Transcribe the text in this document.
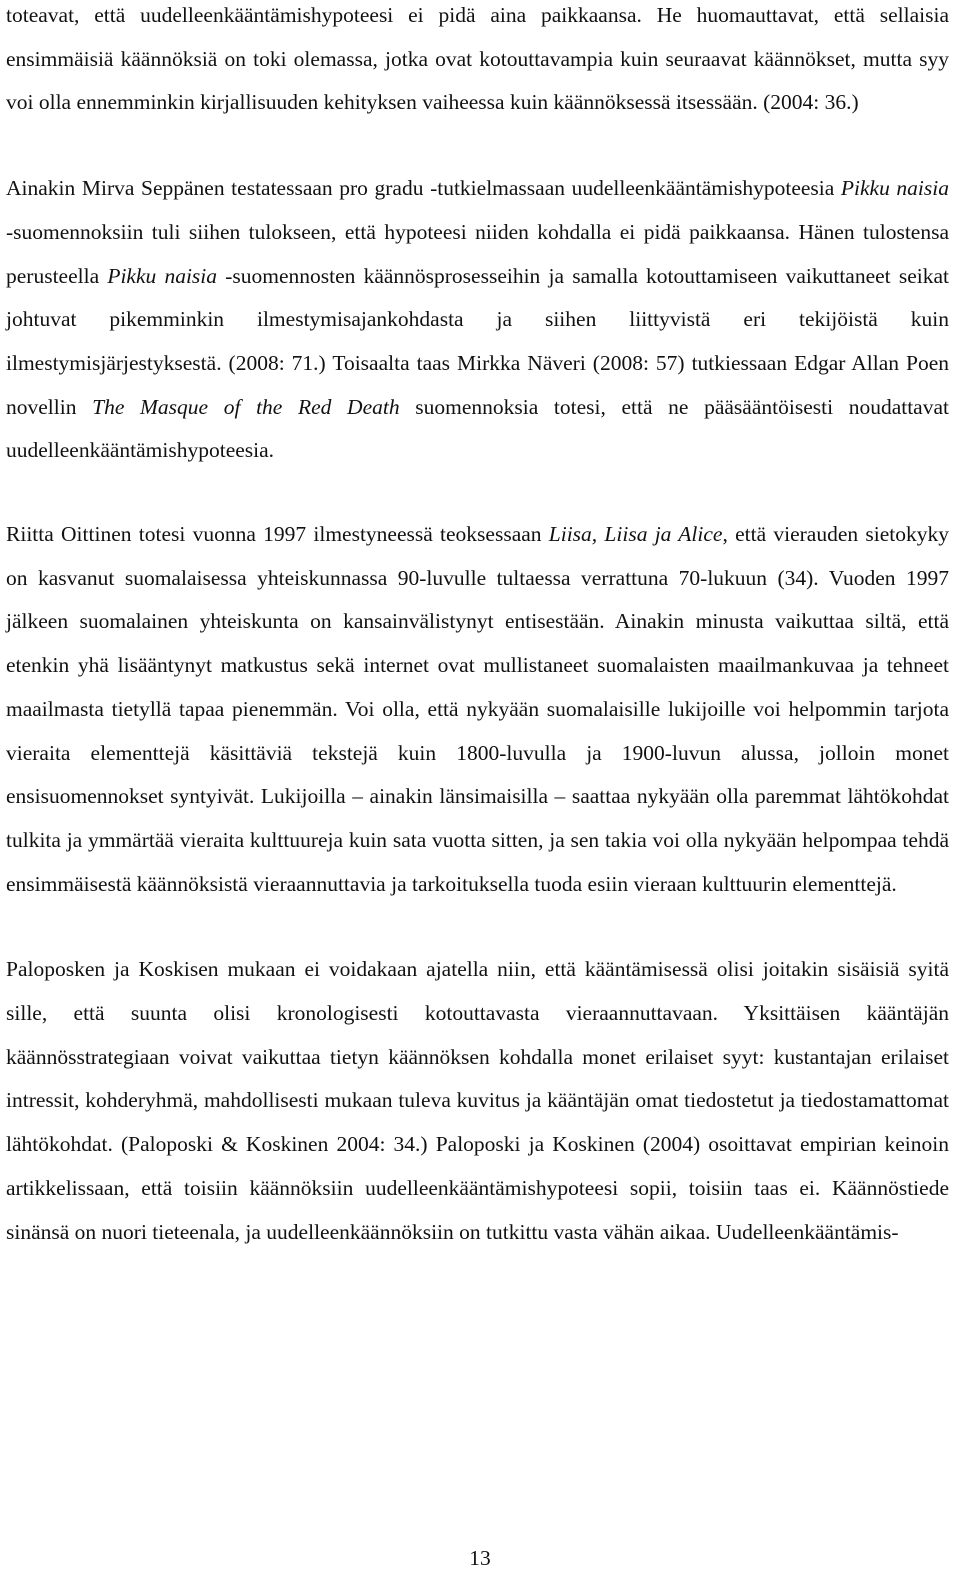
toteavat, että uudelleenkääntämishypoteesi ei pidä aina paikkaansa. He huomauttavat, että sellaisia ensimmäisiä käännöksiä on toki olemassa, jotka ovat kotouttavampia kuin seuraavat käännökset, mutta syy voi olla ennemminkin kirjallisuuden kehityksen vaiheessa kuin käännöksessä itsessään. (2004: 36.)

Ainakin Mirva Seppänen testatessaan pro gradu -tutkielmassaan uudelleenkääntämishypoteesia Pikku naisia -suomennoksiin tuli siihen tulokseen, että hypoteesi niiden kohdalla ei pidä paikkaansa. Hänen tulostensa perusteella Pikku naisia -suomennosten käännösprosesseihin ja samalla kotouttamiseen vaikuttaneet seikat johtuvat pikemminkin ilmestymisajankohdasta ja siihen liittyvistä eri tekijöistä kuin ilmestymisjärjestyksestä. (2008: 71.) Toisaalta taas Mirkka Näveri (2008: 57) tutkiessaan Edgar Allan Poen novellin The Masque of the Red Death suomennoksia totesi, että ne pääsääntöisesti noudattavat uudelleenkääntämishypoteesia.

Riitta Oittinen totesi vuonna 1997 ilmestyneessä teoksessaan Liisa, Liisa ja Alice, että vierauden sietokyky on kasvanut suomalaisessa yhteiskunnassa 90-luvulle tultaessa verrattuna 70-lukuun (34). Vuoden 1997 jälkeen suomalainen yhteiskunta on kansainvälistynyt entisestään. Ainakin minusta vaikuttaa siltä, että etenkin yhä lisääntynyt matkustus sekä internet ovat mullistaneet suomalaisten maailmankuvaa ja tehneet maailmasta tietyllä tapaa pienemmän. Voi olla, että nykyään suomalaisille lukijoille voi helpommin tarjota vieraita elementtejä käsittäviä tekstejä kuin 1800-luvulla ja 1900-luvun alussa, jolloin monet ensisuomennokset syntyivät. Lukijoilla – ainakin länsimaisilla – saattaa nykyään olla paremmat lähtökohdat tulkita ja ymmärtää vieraita kulttuureja kuin sata vuotta sitten, ja sen takia voi olla nykyään helpompaa tehdä ensimmäisestä käännöksistä vieraannuttavia ja tarkoituksella tuoda esiin vieraan kulttuurin elementtejä.

Paloposken ja Koskisen mukaan ei voidakaan ajatella niin, että kääntämisessä olisi joitakin sisäisiä syitä sille, että suunta olisi kronologisesti kotouttavasta vieraannuttavaan. Yksittäisen kääntäjän käännösstrategiaan voivat vaikuttaa tietyn käännöksen kohdalla monet erilaiset syyt: kustantajan erilaiset intressit, kohderyhmä, mahdollisesti mukaan tuleva kuvitus ja kääntäjän omat tiedostetut ja tiedostamattomat lähtökohdat. (Paloposki & Koskinen 2004: 34.) Paloposki ja Koskinen (2004) osoittavat empirian keinoin artikkelissaan, että toisiin käännöksiin uudelleenkääntämishypoteesi sopii, toisiin taas ei. Käännöstiede sinänsä on nuori tieteenala, ja uudelleenkäännöksiin on tutkittu vasta vähän aikaa. Uudelleenkääntämis-

13
